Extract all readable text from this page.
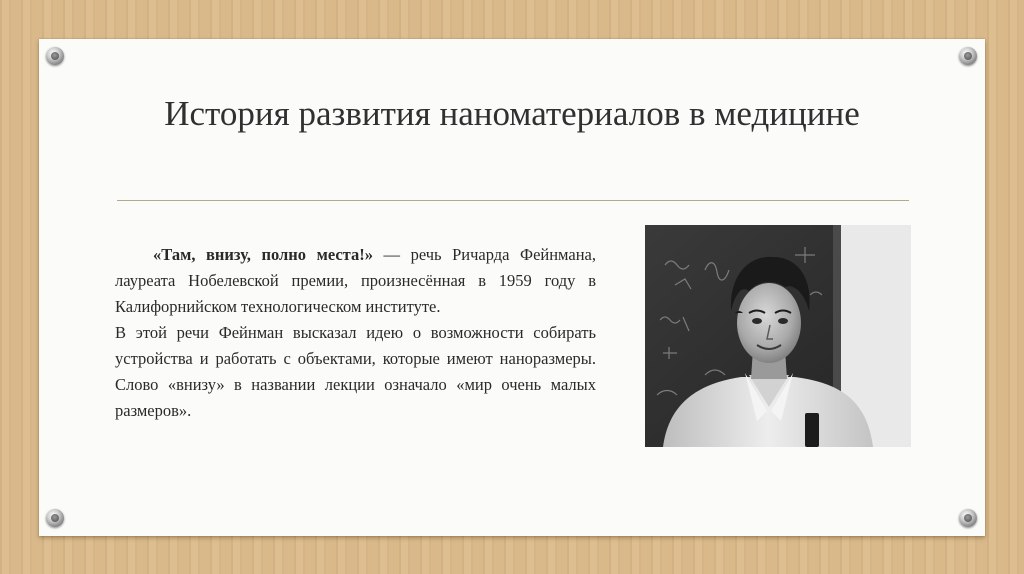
История развития наноматериалов в медицине

«Там, внизу, полно места!» — речь Ричарда Фейнмана, лауреата Нобелевской премии, произнесённая в 1959 году в Калифорнийском технологическом институте.

В этой речи Фейнман высказал идею о возможности собирать устройства и работать с объектами, которые имеют наноразмеры. Слово «внизу» в названии лекции означало «мир очень малых размеров».
